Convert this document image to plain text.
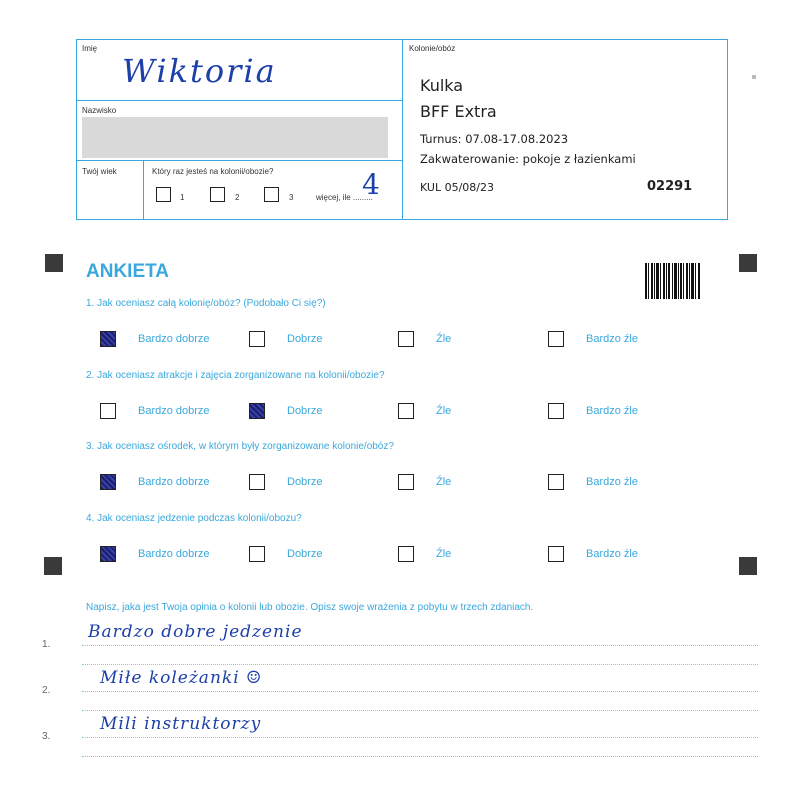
Imię
Wiktoria
Nazwisko
Twój wiek	Który raz jesteś na kolonii/obozie?
1	2	3	więcej, ile .........
4
Kolonie/obóz
Kulka
BFF Extra
Turnus: 07.08-17.08.2023
Zakwaterowanie: pokoje z łazienkami
KUL 05/08/23	02291
ANKIETA
1. Jak oceniasz całą kolonię/obóz? (Podobało Ci się?)
Bardzo dobrze	Dobrze	Źle	Bardzo źle
2. Jak oceniasz atrakcje i zajęcia zorganizowane na kolonii/obozie?
Bardzo dobrze	Dobrze	Źle	Bardzo źle
3. Jak oceniasz ośrodek, w którym były zorganizowane kolonie/obóz?
Bardzo dobrze	Dobrze	Źle	Bardzo źle
4. Jak oceniasz jedzenie podczas kolonii/obozu?
Bardzo dobrze	Dobrze	Źle	Bardzo źle
Napisz, jaka jest Twoja opinia o kolonii lub obozie. Opisz swoje wrażenia z pobytu w trzech zdaniach.
1.
Bardzo dobre jedzenie
2.
Miłe koleżanki ☺
3.
Mili instruktorzy
